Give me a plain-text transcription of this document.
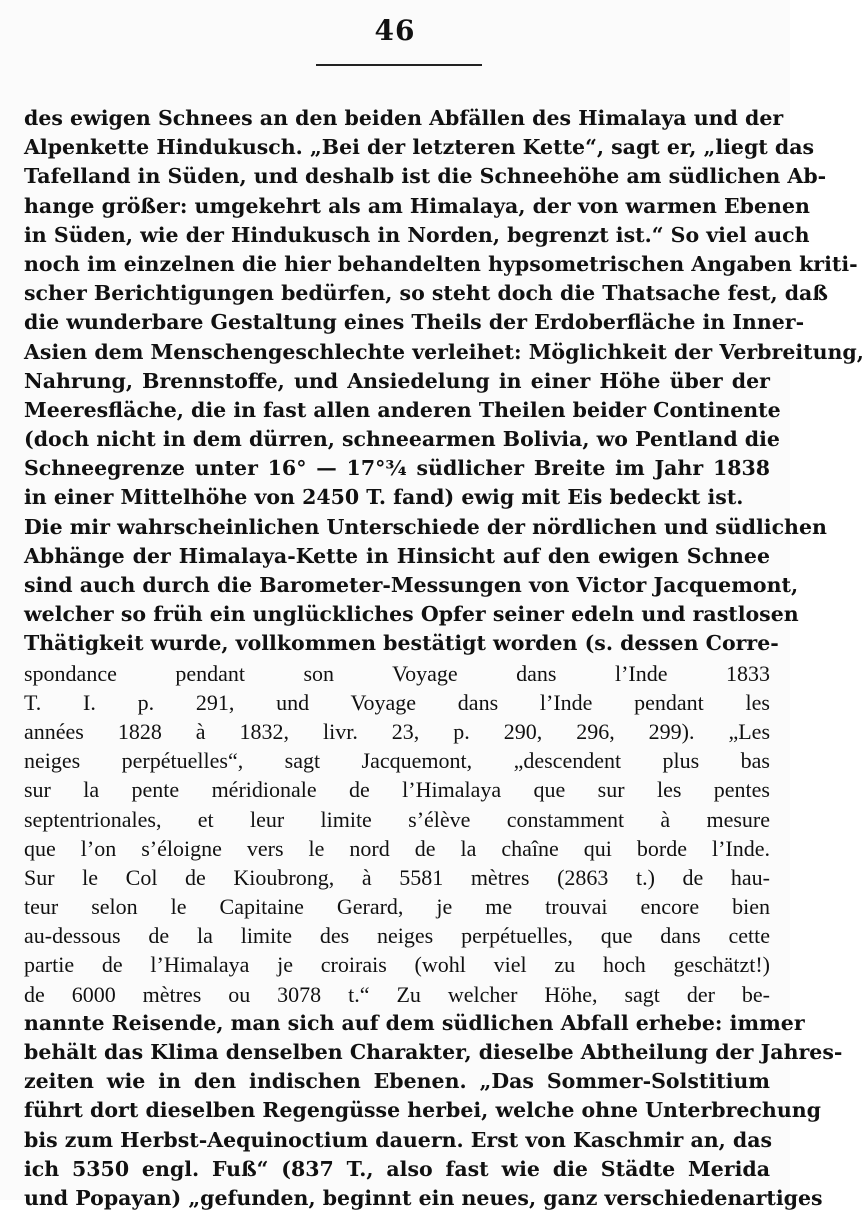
46
des ewigen Schnees an den beiden Abfällen des Himalaya und der
Alpenkette Hindukusch. „Bei der letzteren Kette“, sagt er, „liegt das
Tafelland in Süden, und deshalb ist die Schneehöhe am südlichen Ab-
hange größer: umgekehrt als am Himalaya, der von warmen Ebenen
in Süden, wie der Hindukusch in Norden, begrenzt ist.“ So viel auch
noch im einzelnen die hier behandelten hypsometrischen Angaben kriti-
scher Berichtigungen bedürfen, so steht doch die Thatsache fest, daß
die wunderbare Gestaltung eines Theils der Erdoberfläche in Inner-
Asien dem Menschengeschlechte verleihet: Möglichkeit der Verbreitung,
Nahrung, Brennstoffe, und Ansiedelung in einer Höhe über der
Meeresfläche, die in fast allen anderen Theilen beider Continente
(doch nicht in dem dürren, schneearmen Bolivia, wo Pentland die
Schneegrenze unter 16° — 17°¾ südlicher Breite im Jahr 1838
in einer Mittelhöhe von 2450 T. fand) ewig mit Eis bedeckt ist.
Die mir wahrscheinlichen Unterschiede der nördlichen und südlichen
Abhänge der Himalaya-Kette in Hinsicht auf den ewigen Schnee
sind auch durch die Barometer-Messungen von Victor Jacquemont,
welcher so früh ein unglückliches Opfer seiner edeln und rastlosen
Thätigkeit wurde, vollkommen bestätigt worden (s. dessen Corre-
spondance pendant son Voyage dans l’Inde 1833
T. I. p. 291, und Voyage dans l’Inde pendant les
années 1828 à 1832, livr. 23, p. 290, 296, 299). „Les
neiges perpétuelles“, sagt Jacquemont, „descendent plus bas
sur la pente méridionale de l’Himalaya que sur les pentes
septentrionales, et leur limite s’élève constamment à mesure
que l’on s’éloigne vers le nord de la chaîne qui borde l’Inde.
Sur le Col de Kioubrong, à 5581 mètres (2863 t.) de hau-
teur selon le Capitaine Gerard, je me trouvai encore bien
au-dessous de la limite des neiges perpétuelles, que dans cette
partie de l’Himalaya je croirais (wohl viel zu hoch geschätzt!)
de 6000 mètres ou 3078 t.“ Zu welcher Höhe, sagt der be-
nannte Reisende, man sich auf dem südlichen Abfall erhebe: immer
behält das Klima denselben Charakter, dieselbe Abtheilung der Jahres-
zeiten wie in den indischen Ebenen. „Das Sommer-Solstitium
führt dort dieselben Regengüsse herbei, welche ohne Unterbrechung
bis zum Herbst-Aequinoctium dauern. Erst von Kaschmir an, das
ich 5350 engl. Fuß“ (837 T., also fast wie die Städte Merida
und Popayan) „gefunden, beginnt ein neues, ganz verschiedenartiges
